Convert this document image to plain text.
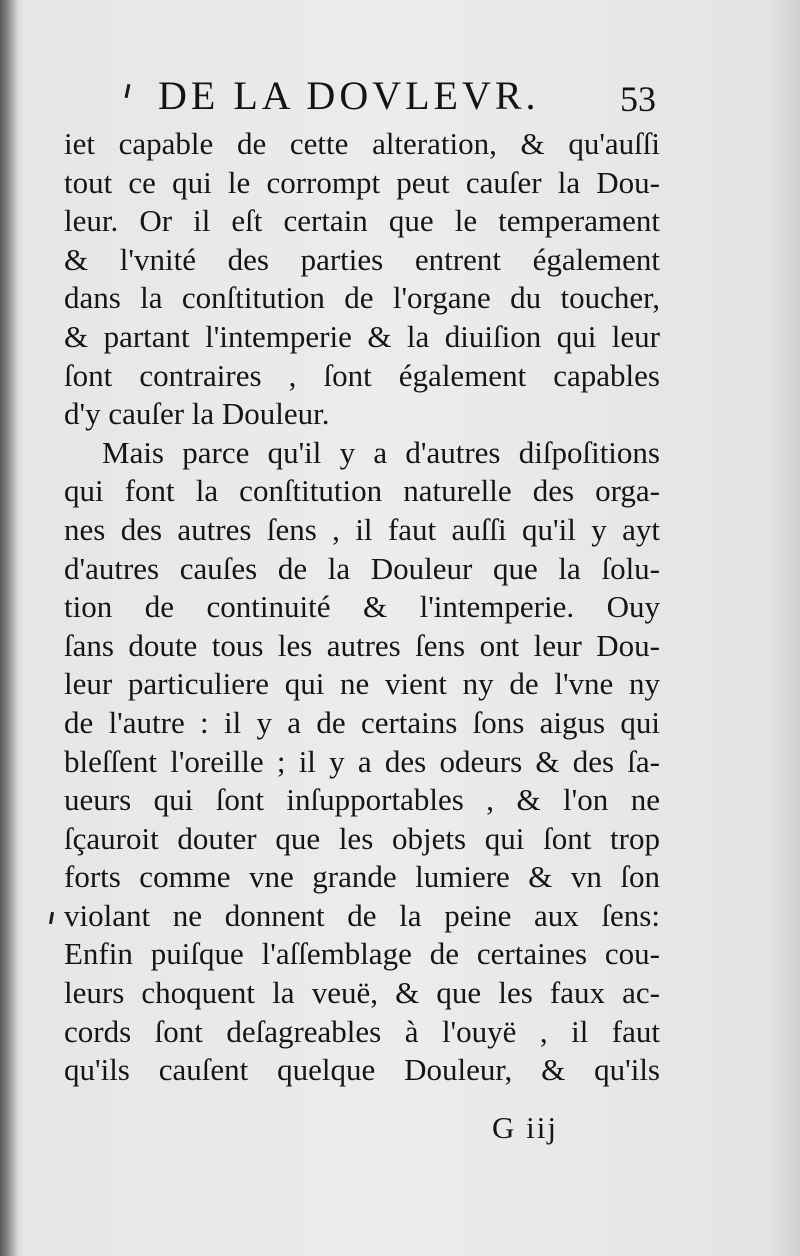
DE LA DOVLEVR. 53
iet capable de cette alteration, & qu'auſſi
tout ce qui le corrompt peut cauſer la Dou-
leur. Or il eſt certain que le temperament
& l'vnité des parties entrent également
dans la conſtitution de l'organe du toucher,
& partant l'intemperie & la diuiſion qui leur
ſont contraires , ſont également capables
d'y cauſer la Douleur.
Mais parce qu'il y a d'autres diſpoſitions
qui font la conſtitution naturelle des orga-
nes des autres ſens , il faut auſſi qu'il y ayt
d'autres cauſes de la Douleur que la ſolu-
tion de continuité & l'intemperie. Ouy
ſans doute tous les autres ſens ont leur Dou-
leur particuliere qui ne vient ny de l'vne ny
de l'autre : il y a de certains ſons aigus qui
bleſſent l'oreille ; il y a des odeurs & des ſa-
ueurs qui ſont inſupportables , & l'on ne
ſçauroit douter que les objets qui ſont trop
forts comme vne grande lumiere & vn ſon
violant ne donnent de la peine aux ſens:
Enfin puiſque l'aſſemblage de certaines cou-
leurs choquent la veuë, & que les faux ac-
cords ſont deſagreables à l'ouyë , il faut
qu'ils cauſent quelque Douleur, & qu'ils
G iij
